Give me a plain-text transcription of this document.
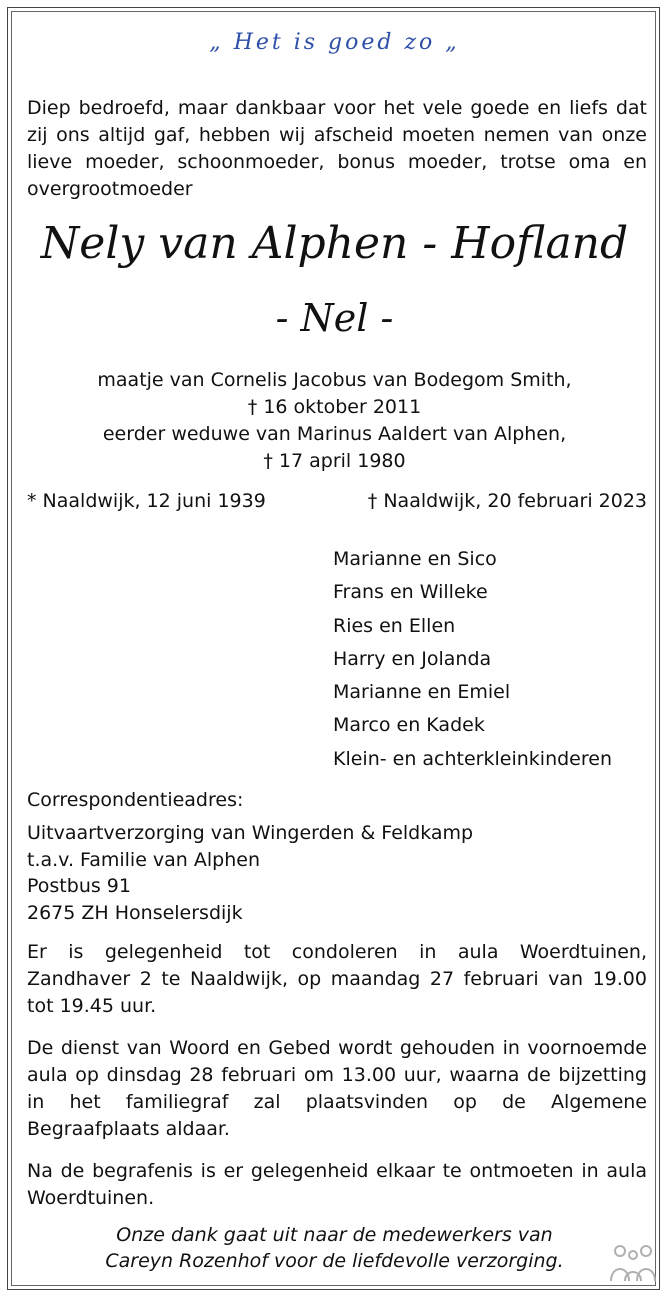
„ Het is goed zo „
Diep bedroefd, maar dankbaar voor het vele goede en liefs dat zij ons altijd gaf, hebben wij afscheid moeten nemen van onze lieve moeder, schoonmoeder, bonus moeder, trotse oma en overgrootmoeder
Nely van Alphen - Hofland
- Nel -
maatje van Cornelis Jacobus van Bodegom Smith,
† 16 oktober 2011
eerder weduwe van Marinus Aaldert van Alphen,
† 17 april 1980
* Naaldwijk, 12 juni 1939	† Naaldwijk, 20 februari 2023
Marianne en Sico
Frans en Willeke
Ries en Ellen
Harry en Jolanda
Marianne en Emiel
Marco en Kadek
Klein- en achterkleinkinderen
Correspondentieadres:
Uitvaartverzorging van Wingerden & Feldkamp
t.a.v. Familie van Alphen
Postbus 91
2675 ZH Honselersdijk
Er is gelegenheid tot condoleren in aula Woerdtuinen, Zandhaver 2 te Naaldwijk, op maandag 27 februari van 19.00 tot 19.45 uur.
De dienst van Woord en Gebed wordt gehouden in voornoemde aula op dinsdag 28 februari om 13.00 uur, waarna de bijzetting in het familiegraf zal plaatsvinden op de Algemene Begraafplaats aldaar.
Na de begrafenis is er gelegenheid elkaar te ontmoeten in aula Woerdtuinen.
Onze dank gaat uit naar de medewerkers van
Careyn Rozenhof voor de liefdevolle verzorging.
